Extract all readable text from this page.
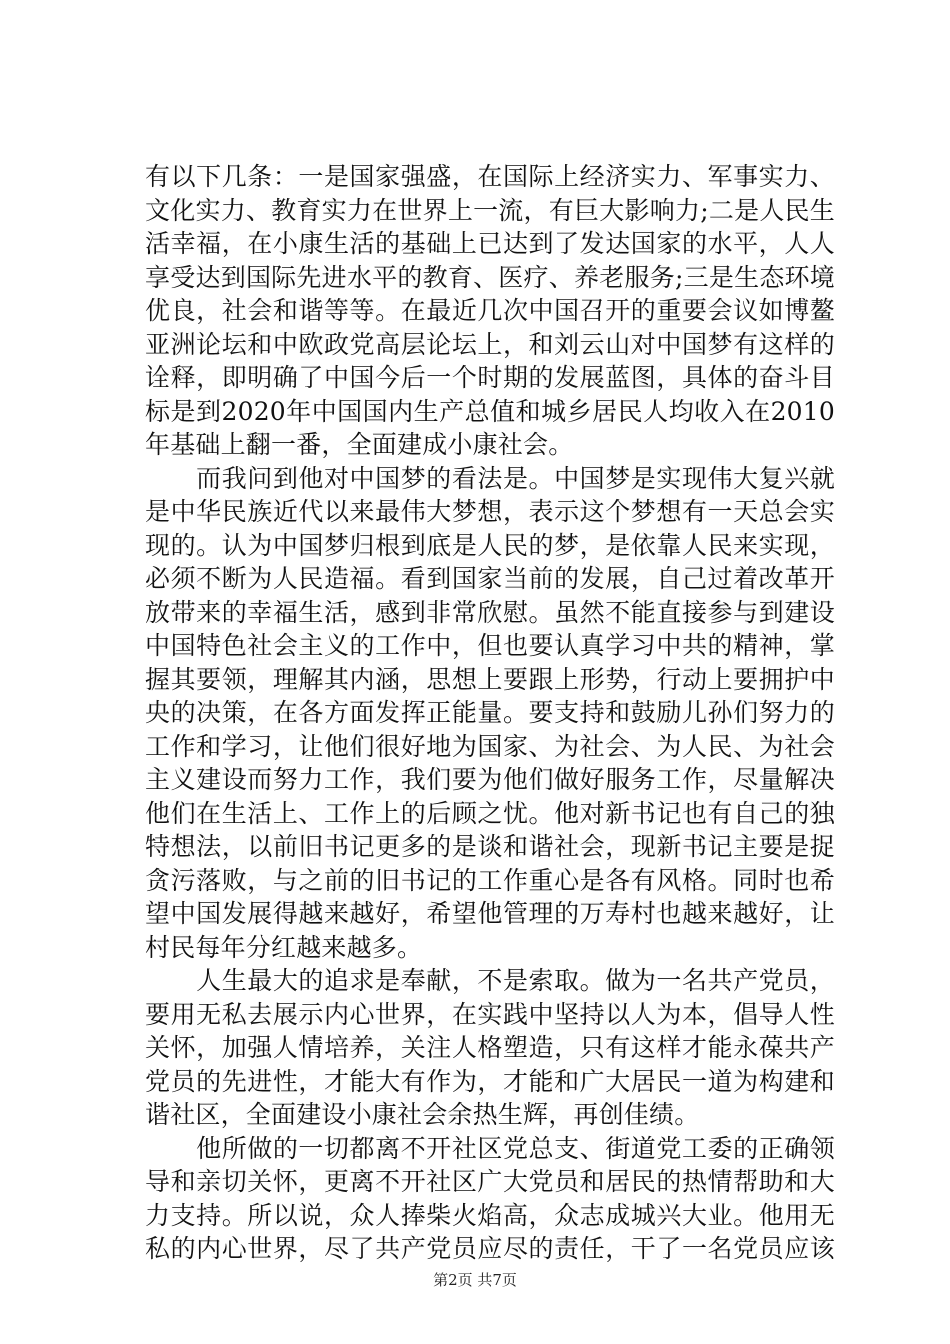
有以下几条：一是国家强盛，在国际上经济实力、军事实力、
文化实力、教育实力在世界上一流，有巨大影响力;二是人民生
活幸福，在小康生活的基础上已达到了发达国家的水平，人人
享受达到国际先进水平的教育、医疗、养老服务;三是生态环境
优良，社会和谐等等。在最近几次中国召开的重要会议如博鳌
亚洲论坛和中欧政党高层论坛上，和刘云山对中国梦有这样的
诠释，即明确了中国今后一个时期的发展蓝图，具体的奋斗目
标是到2020年中国国内生产总值和城乡居民人均收入在2010
年基础上翻一番，全面建成小康社会。
　　而我问到他对中国梦的看法是。中国梦是实现伟大复兴就
是中华民族近代以来最伟大梦想，表示这个梦想有一天总会实
现的。认为中国梦归根到底是人民的梦，是依靠人民来实现，
必须不断为人民造福。看到国家当前的发展，自己过着改革开
放带来的幸福生活，感到非常欣慰。虽然不能直接参与到建设
中国特色社会主义的工作中，但也要认真学习中共的精神，掌
握其要领，理解其内涵，思想上要跟上形势，行动上要拥护中
央的决策，在各方面发挥正能量。要支持和鼓励儿孙们努力的
工作和学习，让他们很好地为国家、为社会、为人民、为社会
主义建设而努力工作，我们要为他们做好服务工作，尽量解决
他们在生活上、工作上的后顾之忧。他对新书记也有自己的独
特想法，以前旧书记更多的是谈和谐社会，现新书记主要是捉
贪污落败，与之前的旧书记的工作重心是各有风格。同时也希
望中国发展得越来越好，希望他管理的万寿村也越来越好，让
村民每年分红越来越多。
　　人生最大的追求是奉献，不是索取。做为一名共产党员，
要用无私去展示内心世界，在实践中坚持以人为本，倡导人性
关怀，加强人情培养，关注人格塑造，只有这样才能永葆共产
党员的先进性，才能大有作为，才能和广大居民一道为构建和
谐社区，全面建设小康社会余热生辉，再创佳绩。
　　他所做的一切都离不开社区党总支、街道党工委的正确领
导和亲切关怀，更离不开社区广大党员和居民的热情帮助和大
力支持。所以说，众人捧柴火焰高，众志成城兴大业。他用无
私的内心世界，尽了共产党员应尽的责任，干了一名党员应该
第2页 共7页
